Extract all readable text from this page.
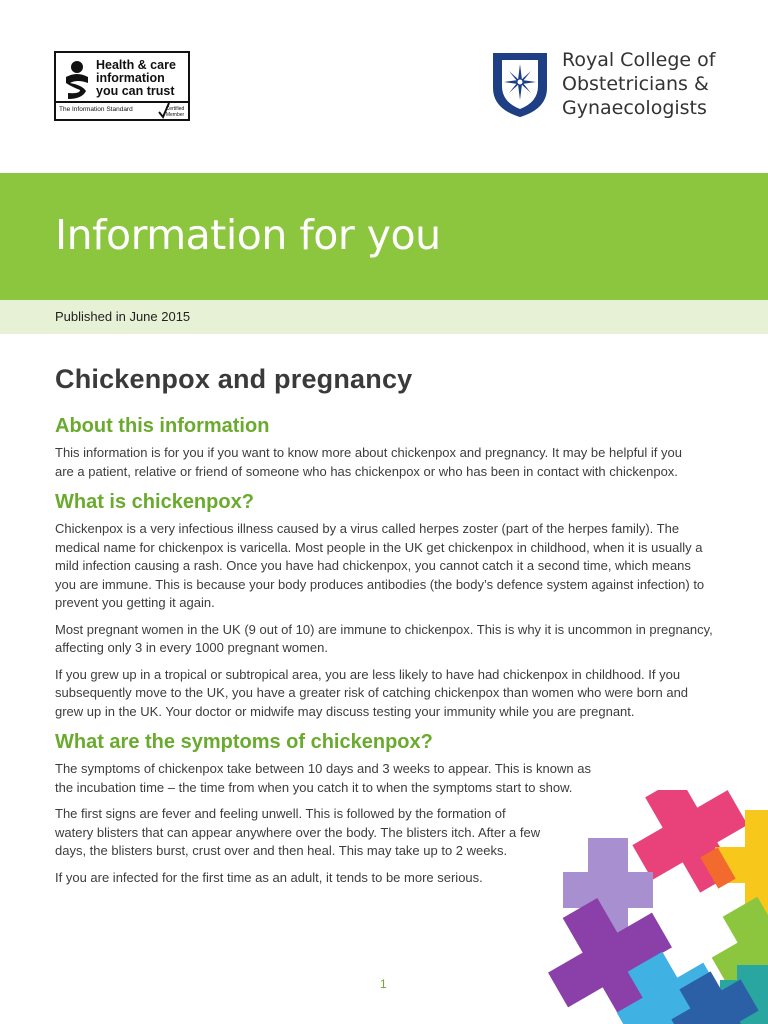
Health & care information you can trust
The Information Standard	Certified Member
Royal College of
Obstetricians &
Gynaecologists
Information for you
Published in June 2015
Chickenpox and pregnancy
About this information

This information is for you if you want to know more about chickenpox and pregnancy. It may be helpful if you are a patient, relative or friend of someone who has chickenpox or who has been in contact with chickenpox.

What is chickenpox?

Chickenpox is a very infectious illness caused by a virus called herpes zoster (part of the herpes family). The medical name for chickenpox is varicella. Most people in the UK get chickenpox in childhood, when it is usually a mild infection causing a rash. Once you have had chickenpox, you cannot catch it a second time, which means you are immune. This is because your body produces antibodies (the body’s defence system against infection) to prevent you getting it again.

Most pregnant women in the UK (9 out of 10) are immune to chickenpox. This is why it is uncommon in pregnancy, affecting only 3 in every 1000 pregnant women.

If you grew up in a tropical or subtropical area, you are less likely to have had chickenpox in childhood. If you subsequently move to the UK, you have a greater risk of catching chickenpox than women who were born and grew up in the UK. Your doctor or midwife may discuss testing your immunity while you are pregnant.

What are the symptoms of chickenpox?

The symptoms of chickenpox take between 10 days and 3 weeks to appear. This is known as the incubation time – the time from when you catch it to when the symptoms start to show.

The first signs are fever and feeling unwell. This is followed by the formation of watery blisters that can appear anywhere over the body. The blisters itch. After a few days, the blisters burst, crust over and then heal. This may take up to 2 weeks.

If you are infected for the first time as an adult, it tends to be more serious.

1
